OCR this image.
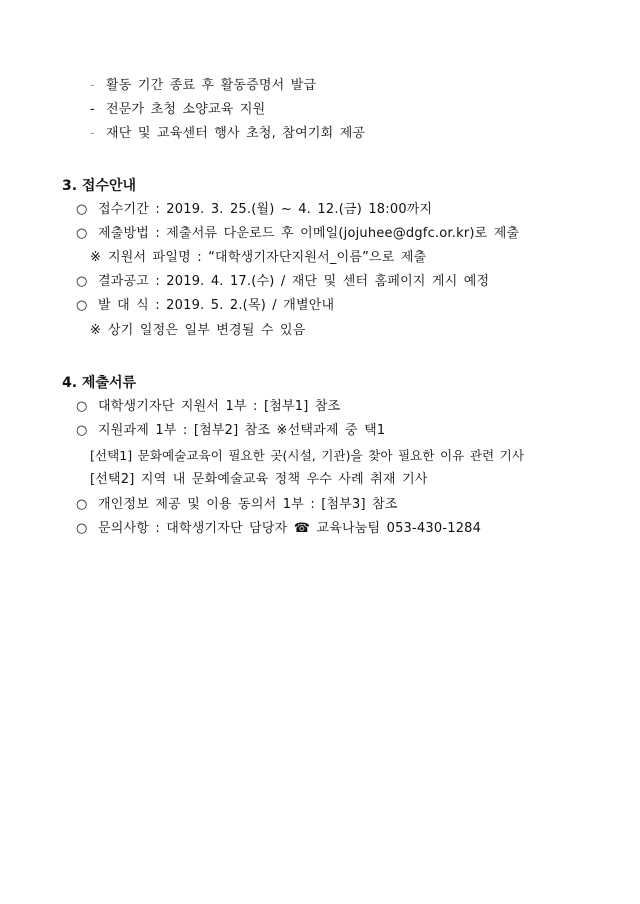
- 활동 기간 종료 후 활동증명서 발급
- 전문가 초청 소양교육 지원
- 재단 및 교육센터 행사 초청, 참여기회 제공
3. 접수안내
○ 접수기간 : 2019. 3. 25.(월) ~ 4. 12.(금) 18:00까지
○ 제출방법 : 제출서류 다운로드 후 이메일(jojuhee@dgfc.or.kr)로 제출
※ 지원서 파일명 : “대학생기자단지원서_이름”으로 제출
○ 결과공고 : 2019. 4. 17.(수) / 재단 및 센터 홈페이지 게시 예정
○ 발 대 식 : 2019. 5. 2.(목) / 개별안내
※ 상기 일정은 일부 변경될 수 있음
4. 제출서류
○ 대학생기자단 지원서 1부 : [첨부1] 참조
○ 지원과제 1부 : [첨부2] 참조 ※선택과제 중 택1
[선택1] 문화예술교육이 필요한 곳(시설, 기관)을 찾아 필요한 이유 관련 기사
[선택2] 지역 내 문화예술교육 정책 우수 사례 취재 기사
○ 개인정보 제공 및 이용 동의서 1부 : [첨부3] 참조
○ 문의사항 : 대학생기자단 담당자 ☎ 교육나눔팀 053-430-1284
